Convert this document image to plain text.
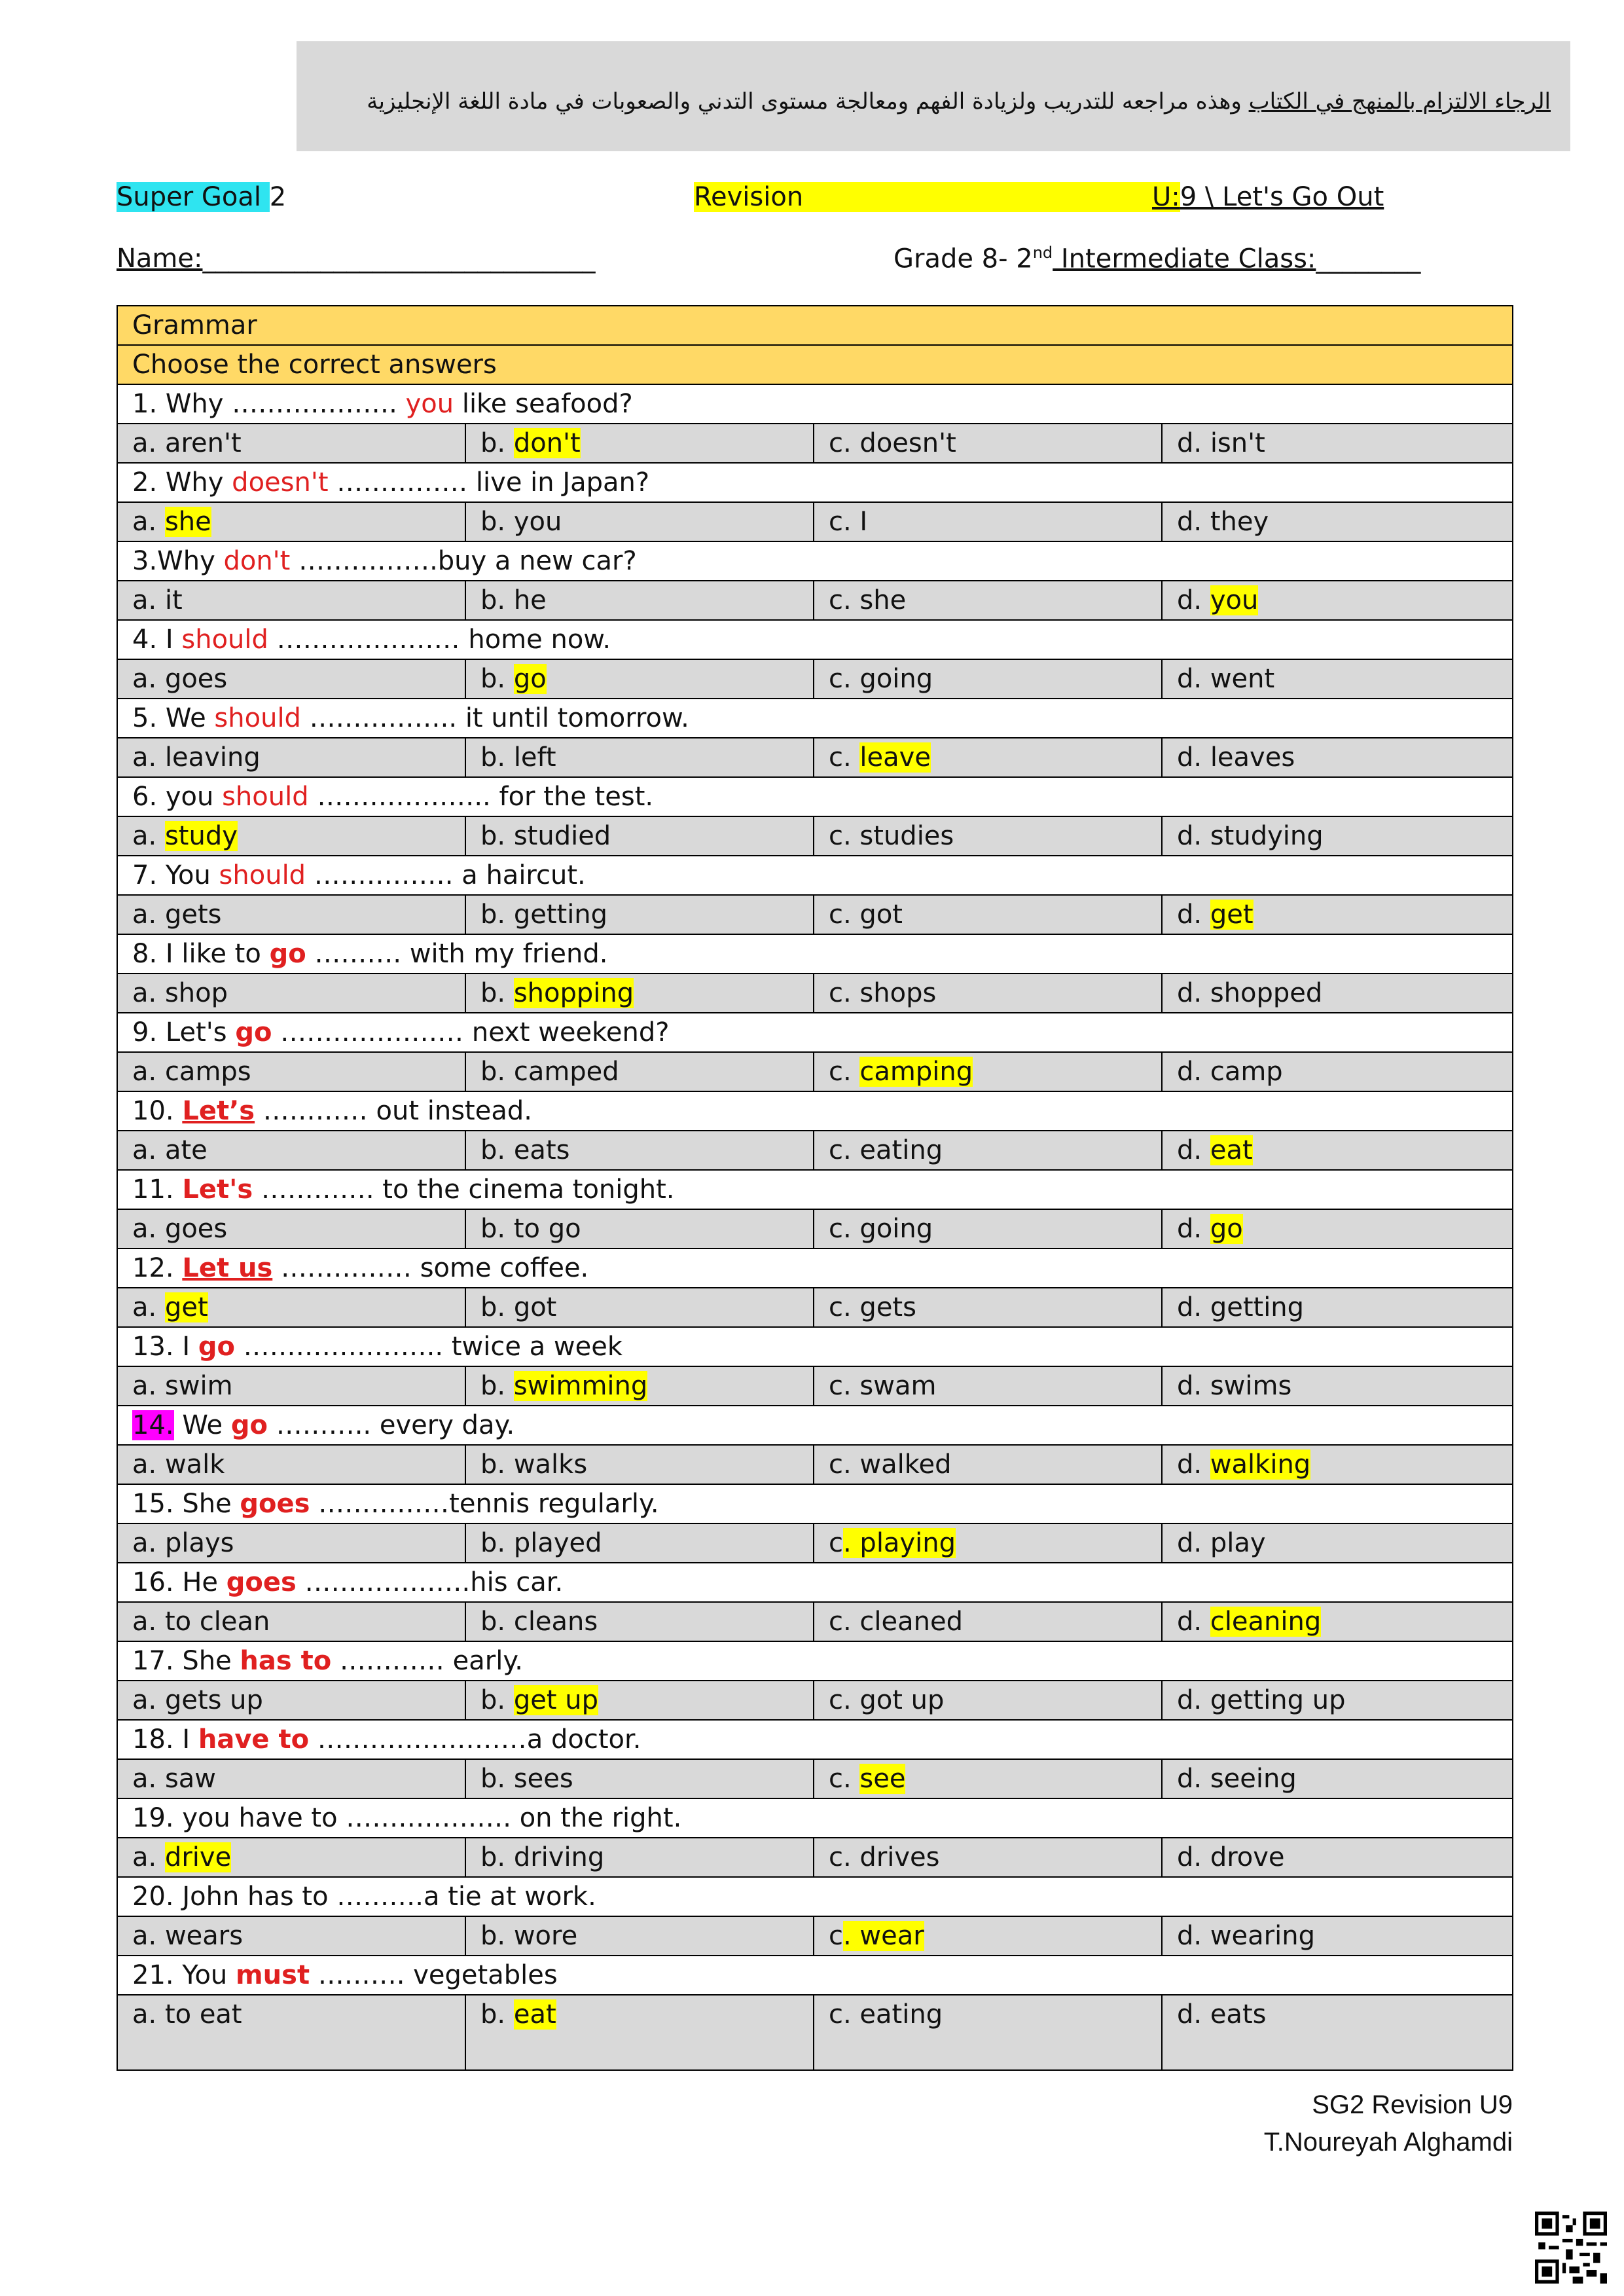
الرجاء الالتزام بالمنهج في الكتاب وهذه مراجعه للتدريب ولزيادة الفهم ومعالجة مستوى التدني والصعوبات في مادة اللغة الإنجليزية
Super Goal 2	Revision	U:9 \ Let's Go Out
Name:______________________________	Grade 8- 2nd Intermediate Class:________
Grammar			
Choose the correct answers			
1. Why ………………. you like seafood?			
a. aren't	b. don't	c. doesn't	d. isn't
2. Why doesn't …………… live in Japan?			
a. she	b. you	c. I	d. they
3.Why don't …………….buy a new car?			
a. it	b. he	c. she	d. you
4. I should ………………… home now.			
a. goes	b. go	c. going	d. went
5. We should …………….. it until tomorrow.			
a. leaving	b. left	c. leave	d. leaves
6. you should ……………….. for the test.			
a. study	b. studied	c. studies	d. studying
7. You should ……………. a haircut.			
a. gets	b. getting	c. got	d. get
8. I like to go ………. with my friend.			
a. shop	b. shopping	c. shops	d. shopped
9. Let's go ………………… next weekend?			
a. camps	b. camped	c. camping	d. camp
10. Let’s ………… out instead.			
a. ate	b. eats	c. eating	d. eat
11. Let's …………. to the cinema tonight.			
a. goes	b. to go	c. going	d. go
12. Let us …………… some coffee.			
a. get	b. got	c. gets	d. getting
13. I go ………………….. twice a week			
a. swim	b. swimming	c. swam	d. swims
14. We go ……….. every day.			
a. walk	b. walks	c. walked	d. walking
15. She goes ……………tennis regularly.			
a. plays	b. played	c. playing	d. play
16. He goes ……………….his car.			
a. to clean	b. cleans	c. cleaned	d. cleaning
17. She has to ………… early.			
a. gets up	b. get up	c. got up	d. getting up
18. I have to ……………………a doctor.			
a. saw	b. sees	c. see	d. seeing
19. you have to ………………. on the right.			
a. drive	b. driving	c. drives	d. drove
20. John has to ……….a tie at work.			
a. wears	b. wore	c. wear	d. wearing
21. You must ………. vegetables			
a. to eat	b. eat	c. eating	d. eats
SG2 Revision U9
T.Noureyah Alghamdi
